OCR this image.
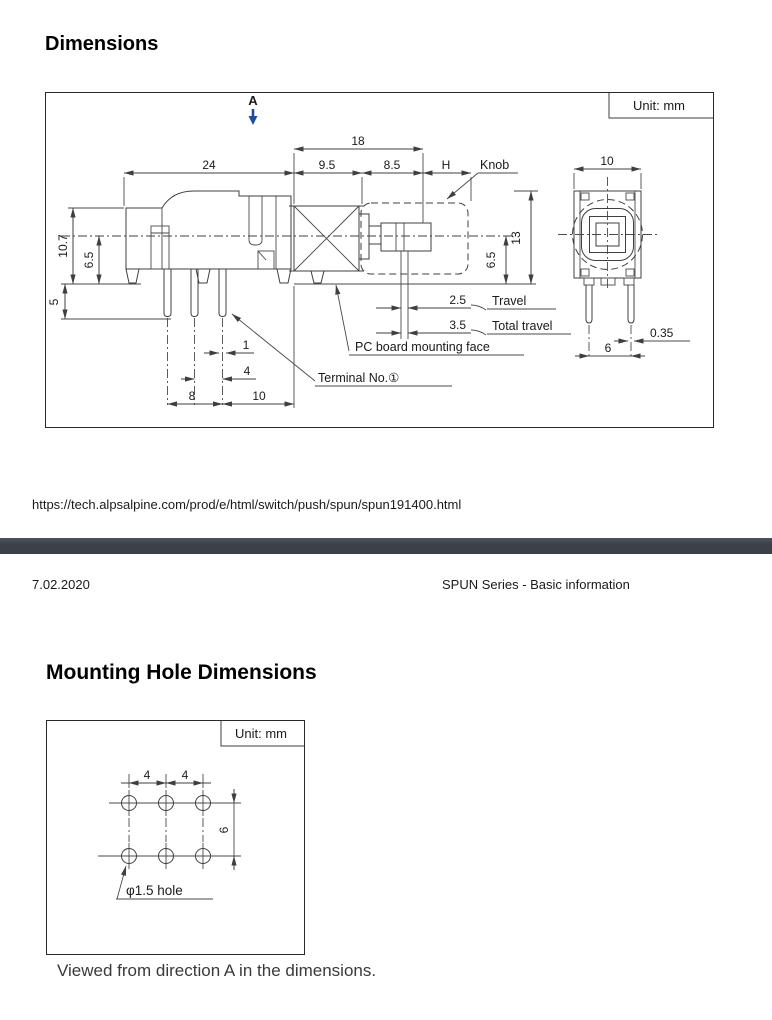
Dimensions
Unit: mm
A
18
24	9.5	8.5	H Knob
10.7
6.5
5
6.5
13
2.5 Travel
3.5 Total travel
PC board mounting face
Terminal No.①
1
4
8	10
10
0.35
6
https://tech.alpsalpine.com/prod/e/html/switch/push/spun/spun191400.html
7.02.2020	SPUN Series - Basic information
Mounting Hole Dimensions
Unit: mm
4	4
6
φ1.5 hole
Viewed from direction A in the dimensions.
